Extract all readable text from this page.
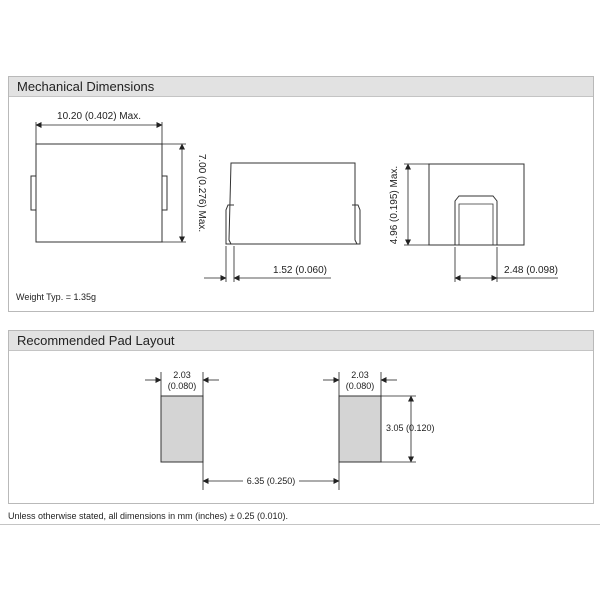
Mechanical Dimensions
Weight Typ. = 1.35g
Recommended Pad Layout
10.20 (0.402) Max.
7.00 (0.276) Max.
1.52 (0.060)
4.96 (0.195) Max.
2.48 (0.098)
2.03
(0.080)
2.03
(0.080)
3.05 (0.120)
6.35 (0.250)
Unless otherwise stated, all dimensions in mm (inches) ± 0.25 (0.010).
